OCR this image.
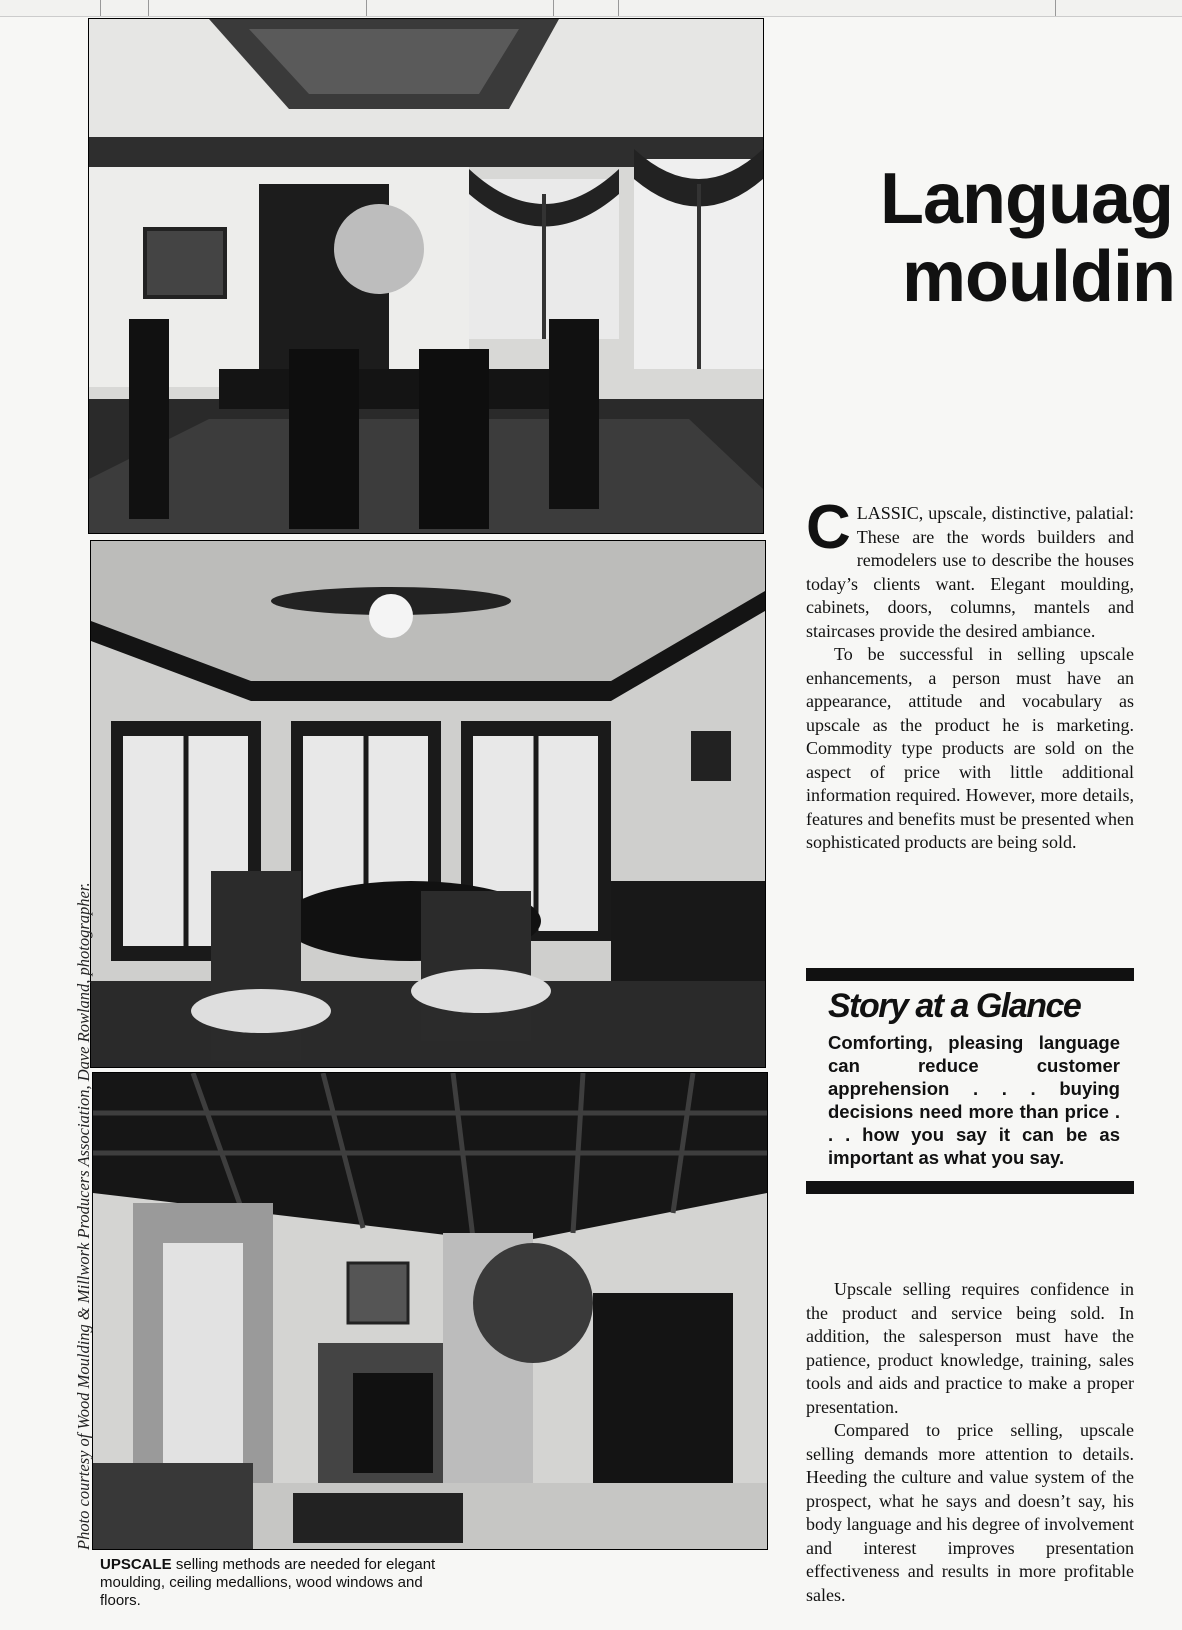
Photo courtesy of Wood Moulding & Millwork Producers Association, Dave Rowland, photographer.
UPSCALE selling methods are needed for elegant moulding, ceiling medallions, wood windows and floors.
Languag
mouldin

CLASSIC, upscale, distinctive, palatial: These are the words builders and remodelers use to describe the houses today’s clients want. Elegant moulding, cabinets, doors, columns, mantels and staircases provide the desired ambiance.

To be successful in selling upscale enhancements, a person must have an appearance, attitude and vocabulary as upscale as the product he is marketing. Commodity type products are sold on the aspect of price with little additional information required. However, more details, features and benefits must be presented when sophisticated products are being sold.

Story at a Glance
Comforting, pleasing language can reduce customer apprehension . . . buying decisions need more than price . . . how you say it can be as important as what you say.

Upscale selling requires confidence in the product and service being sold. In addition, the salesperson must have the patience, product knowledge, training, sales tools and aids and practice to make a proper presentation.

Compared to price selling, upscale selling demands more attention to details. Heeding the culture and value system of the prospect, what he says and doesn’t say, his body language and his degree of involvement and interest improves presentation effectiveness and results in more profitable sales.
